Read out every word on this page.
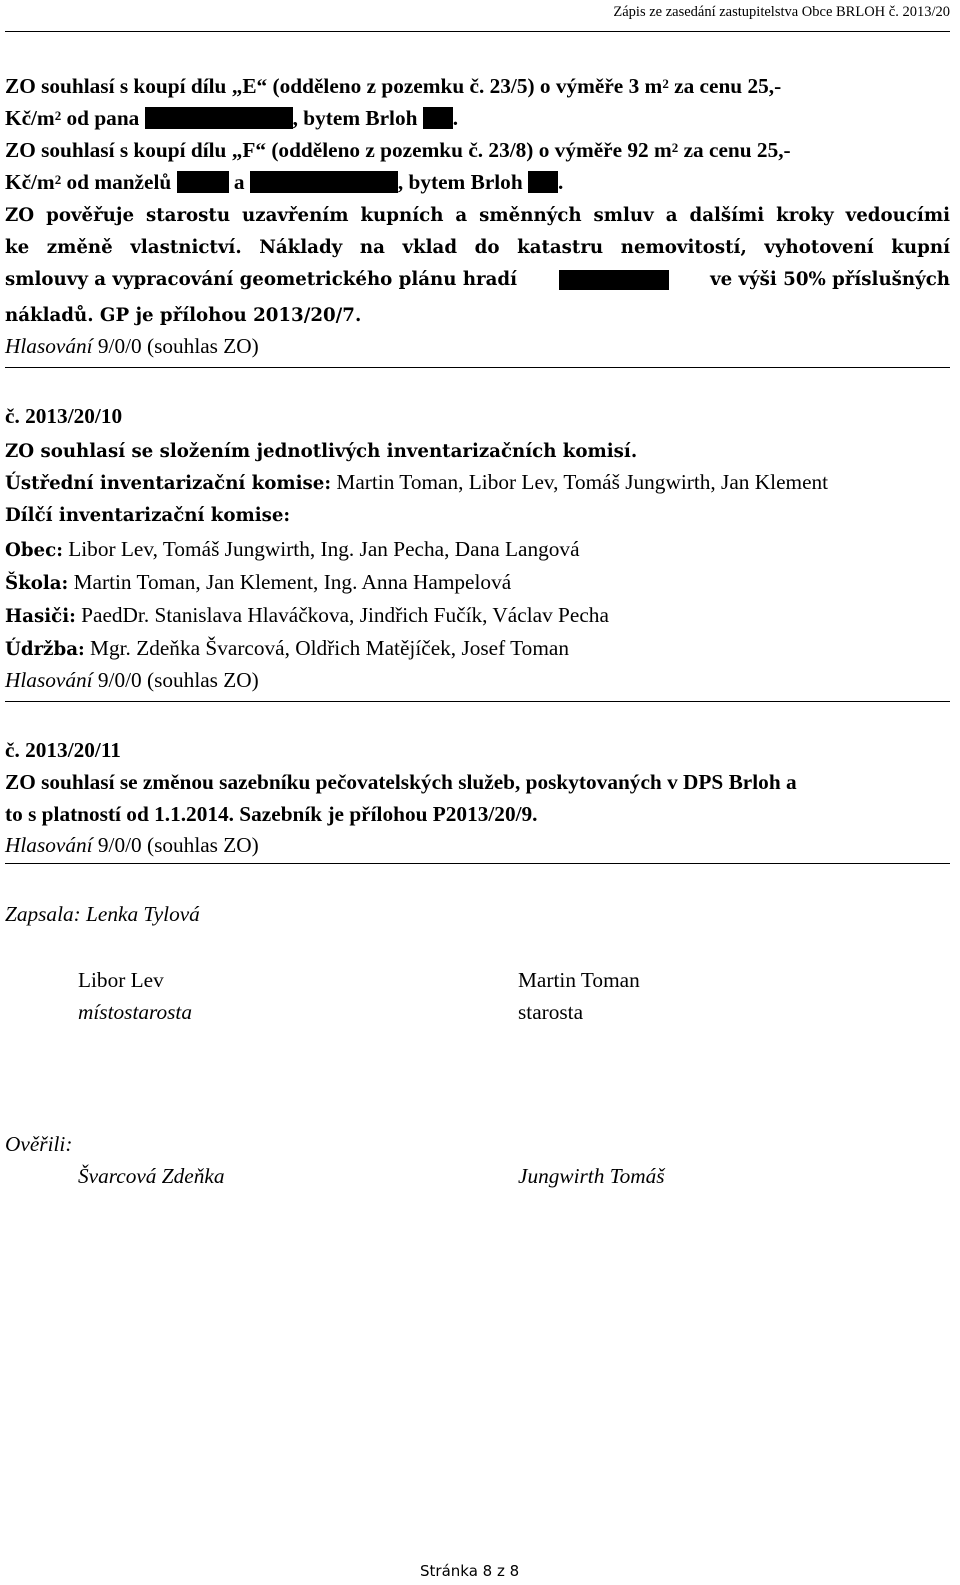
Zápis ze zasedání zastupitelstva Obce BRLOH č. 2013/20
ZO souhlasí s koupí dílu „E“ (odděleno z pozemku č. 23/5) o výměře 3 $m^2$ za cenu 25,-
$Kč/m^2$ od pana	, bytem Brloh .
ZO souhlasí s koupí dílu „F“ (odděleno z pozemku č. 23/8) o výměře 92 $m^2$ za cenu 25,-
$Kč/m^2$ od manželů  a	, bytem Brloh .
ZO pověřuje starostu uzavřením kupních a směnných smluv a dalšími kroky vedoucími
ke změně vlastnictví. Náklady na vklad do katastru nemovitostí, vyhotovení kupní
smlouvy a vypracování geometrického plánu hradí	ve výši 50% příslušných
nákladů. GP je přílohou 2013/20/7.
Hlasování 9/0/0 (souhlas ZO)
č. 2013/20/10
ZO souhlasí se složením jednotlivých inventarizačních komisí.
Ústřední inventarizační komise: Martin Toman, Libor Lev, Tomáš Jungwirth, Jan Klement
Dílčí inventarizační komise:
Obec: Libor Lev, Tomáš Jungwirth, Ing. Jan Pecha, Dana Langová
Škola: Martin Toman, Jan Klement, Ing. Anna Hampelová
Hasiči: PaedDr. Stanislava Hlaváčkova, Jindřich Fučík, Václav Pecha
Údržba: Mgr. Zdeňka Švarcová, Oldřich Matějíček, Josef Toman
Hlasování 9/0/0 (souhlas ZO)
č. 2013/20/11
ZO souhlasí se změnou sazebníku pečovatelských služeb, poskytovaných v DPS Brloh a
to s platností od 1.1.2014. Sazebník je přílohou P2013/20/9.
Hlasování 9/0/0 (souhlas ZO)
Zapsala: Lenka Tylová
Libor Lev
místostarosta
Martin Toman
starosta
Ověřili:
Švarcová Zdeňka	Jungwirth Tomáš
Stránka 8 z 8
